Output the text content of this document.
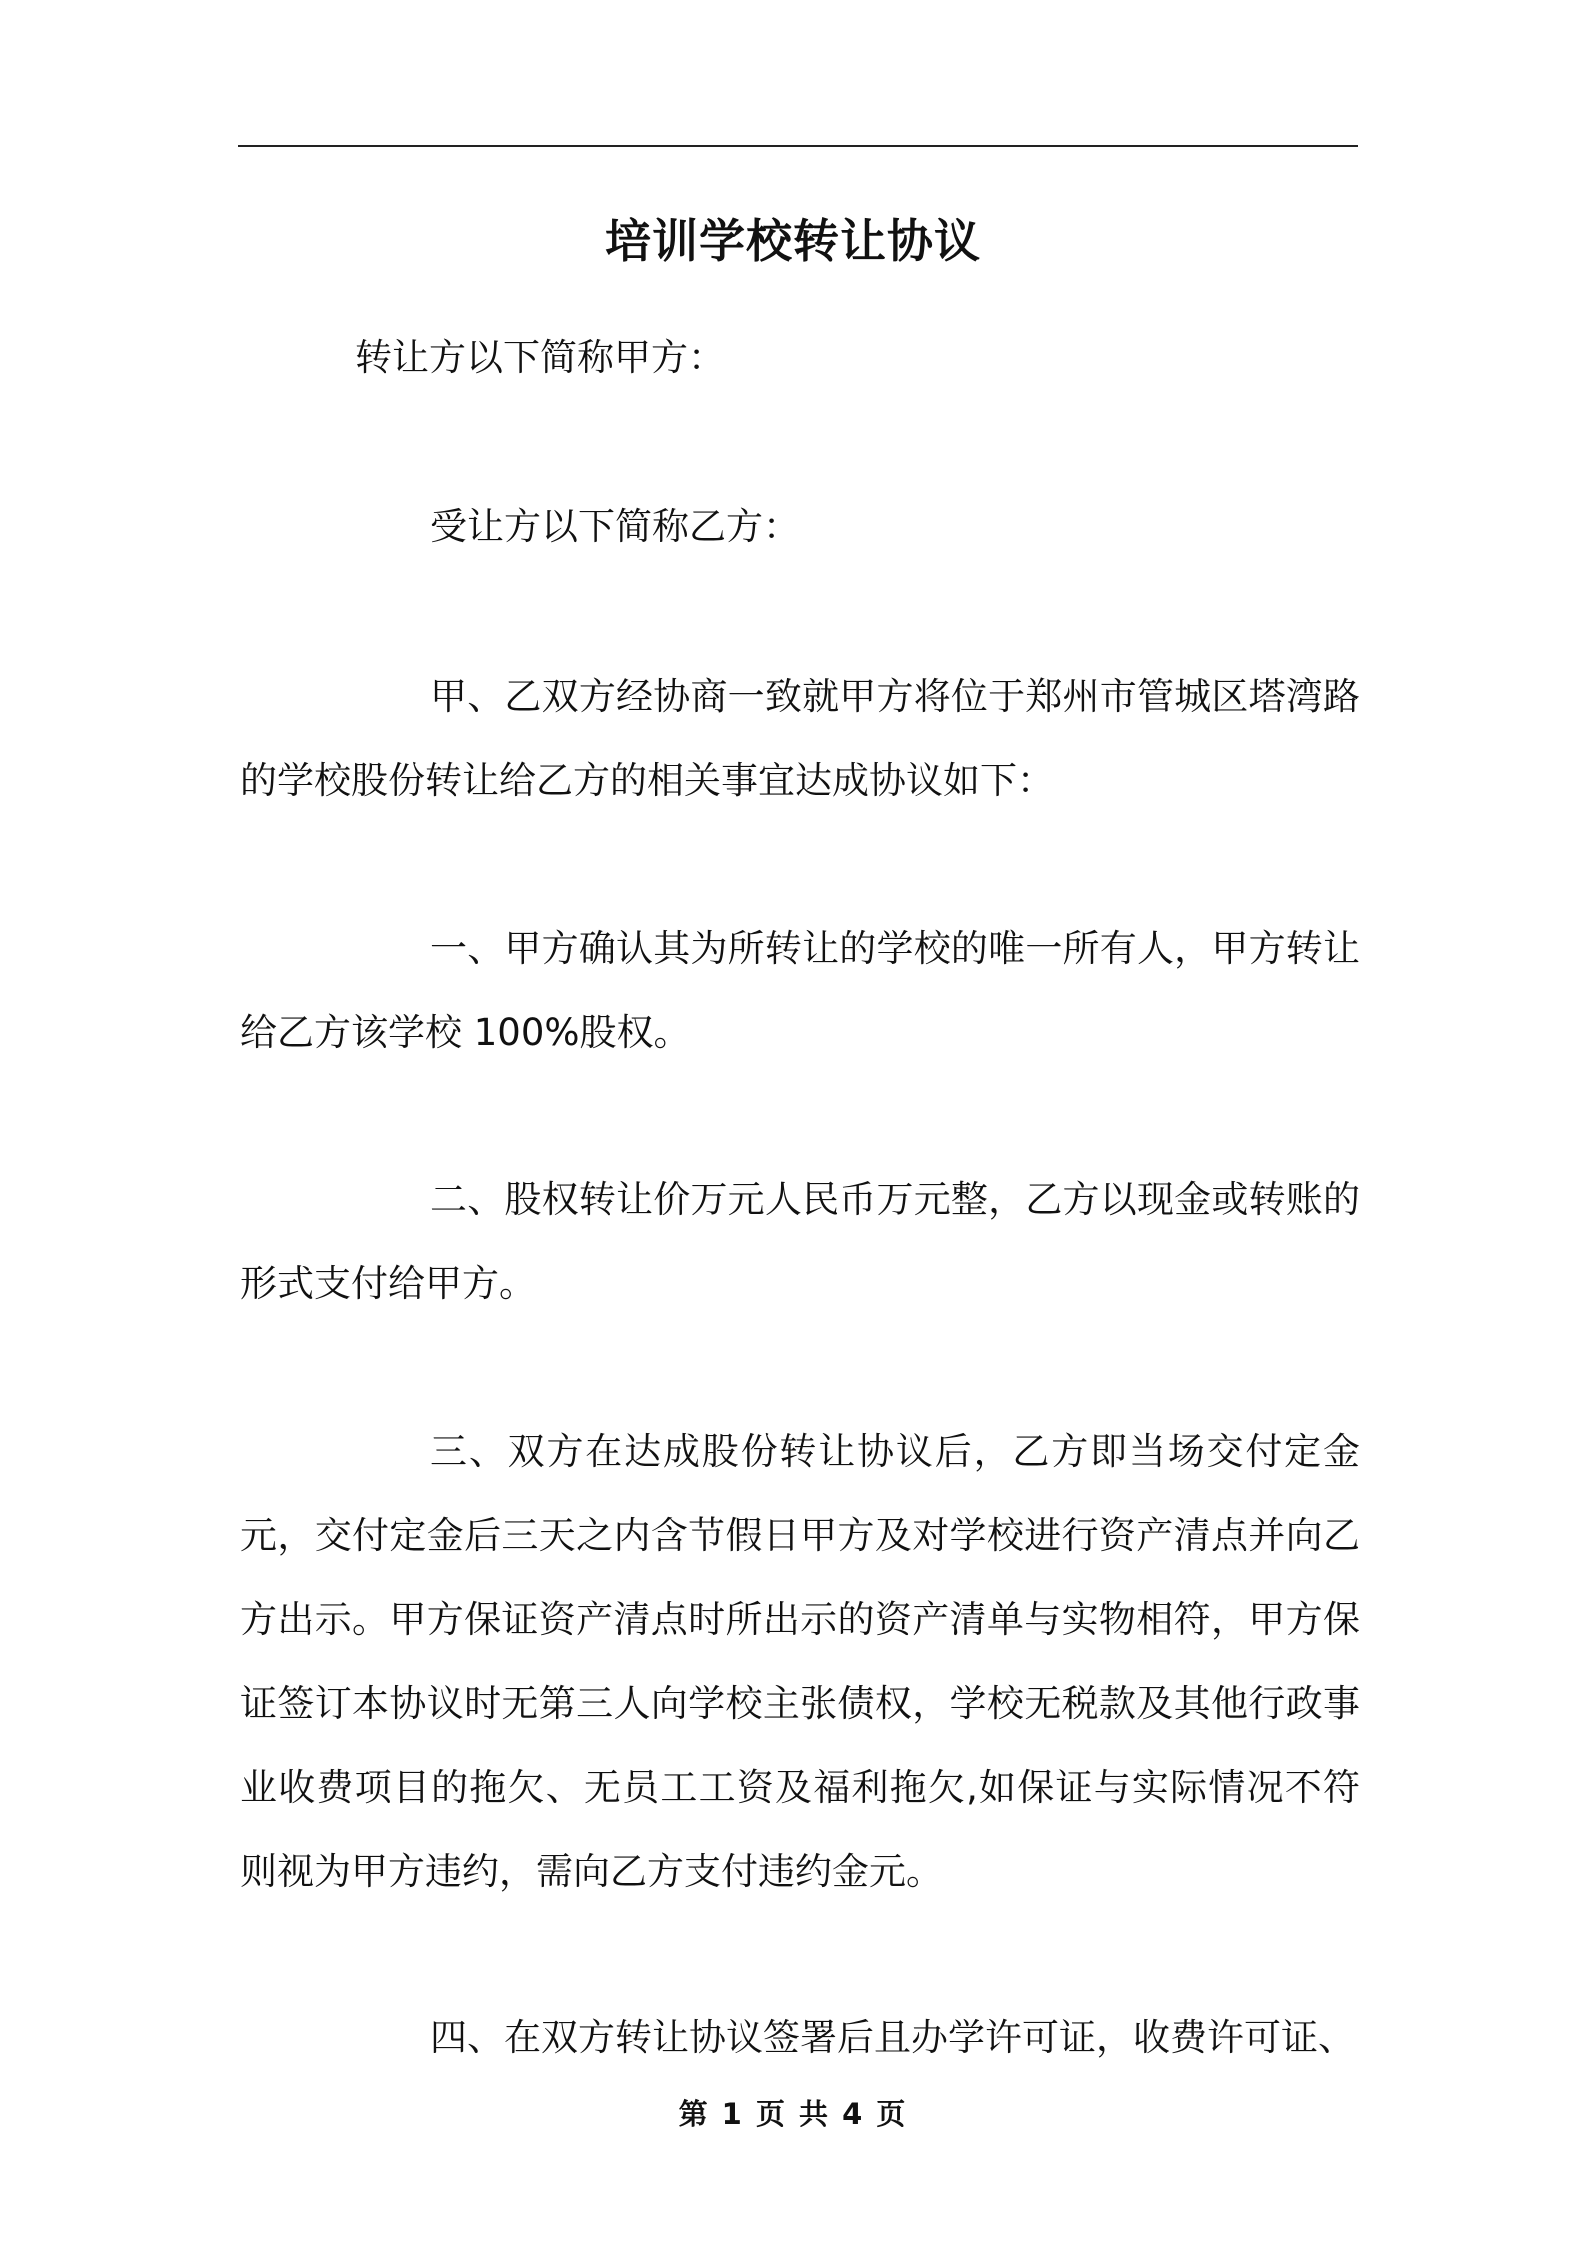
培训学校转让协议
转让方以下简称甲方：
受让方以下简称乙方：
甲、乙双方经协商一致就甲方将位于郑州市管城区塔湾路的学校股份转让给乙方的相关事宜达成协议如下：
一、甲方确认其为所转让的学校的唯一所有人，甲方转让给乙方该学校 100%股权。
二、股权转让价万元人民币万元整，乙方以现金或转账的形式支付给甲方。
三、双方在达成股份转让协议后，乙方即当场交付定金元，交付定金后三天之内含节假日甲方及对学校进行资产清点并向乙方出示。甲方保证资产清点时所出示的资产清单与实物相符，甲方保证签订本协议时无第三人向学校主张债权，学校无税款及其他行政事业收费项目的拖欠、无员工工资及福利拖欠,如保证与实际情况不符则视为甲方违约，需向乙方支付违约金元。
四、在双方转让协议签署后且办学许可证，收费许可证、
第 1 页 共 4 页
